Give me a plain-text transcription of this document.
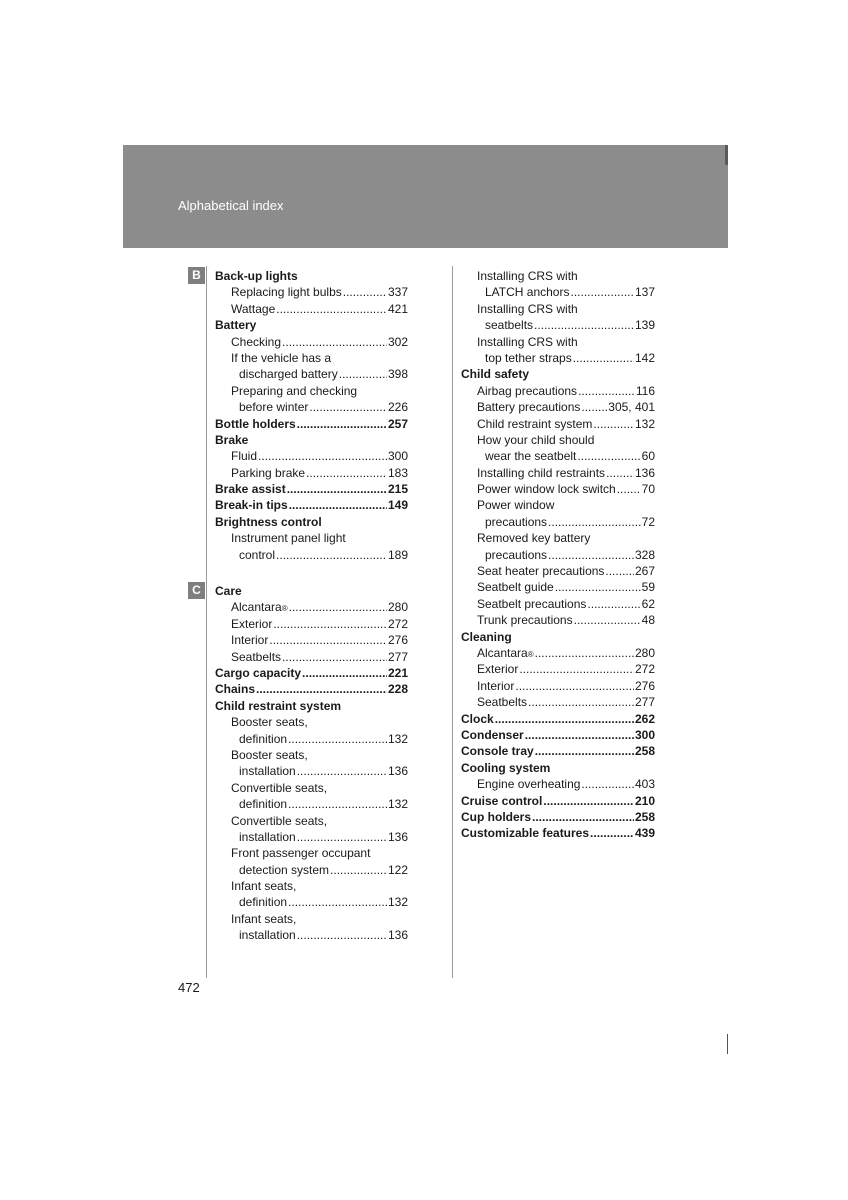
Alphabetical index
B
C
Back-up lights
Replacing light bulbs .....	337
Wattage .....	421
Battery
Checking .....	302
If the vehicle has a
discharged battery .....	398
Preparing and checking
before winter .....	226
Bottle holders .....	257
Brake
Fluid .....	300
Parking brake .....	183
Brake assist .....	215
Break-in tips .....	149
Brightness control
Instrument panel light
control .....	189
Care
Alcantara ® .....	280
Exterior .....	272
Interior .....	276
Seatbelts .....	277
Cargo capacity .....	221
Chains .....	228
Child restraint system
Booster seats,
definition .....	132
Booster seats,
installation .....	136
Convertible seats,
definition .....	132
Convertible seats,
installation .....	136
Front passenger occupant
detection system .....	122
Infant seats,
definition .....	132
Infant seats,
installation .....	136
Installing CRS with
LATCH anchors .....	137
Installing CRS with
seatbelts .....	139
Installing CRS with
top tether straps .....	142
Child safety
Airbag precautions .....	116
Battery precautions ..... 305, 401
Child restraint system .....	132
How your child should
wear the seatbelt .....	60
Installing child restraints ..... 136
Power window lock switch ..... 70
Power window
precautions .....	72
Removed key battery
precautions .....	328
Seat heater precautions .....	267
Seatbelt guide .....	59
Seatbelt precautions .....	62
Trunk precautions .....	48
Cleaning
Alcantara ® .....	280
Exterior .....	272
Interior .....	276
Seatbelts .....	277
Clock .....	262
Condenser .....	300
Console tray .....	258
Cooling system
Engine overheating .....	403
Cruise control .....	210
Cup holders .....	258
Customizable features .....	439
472
